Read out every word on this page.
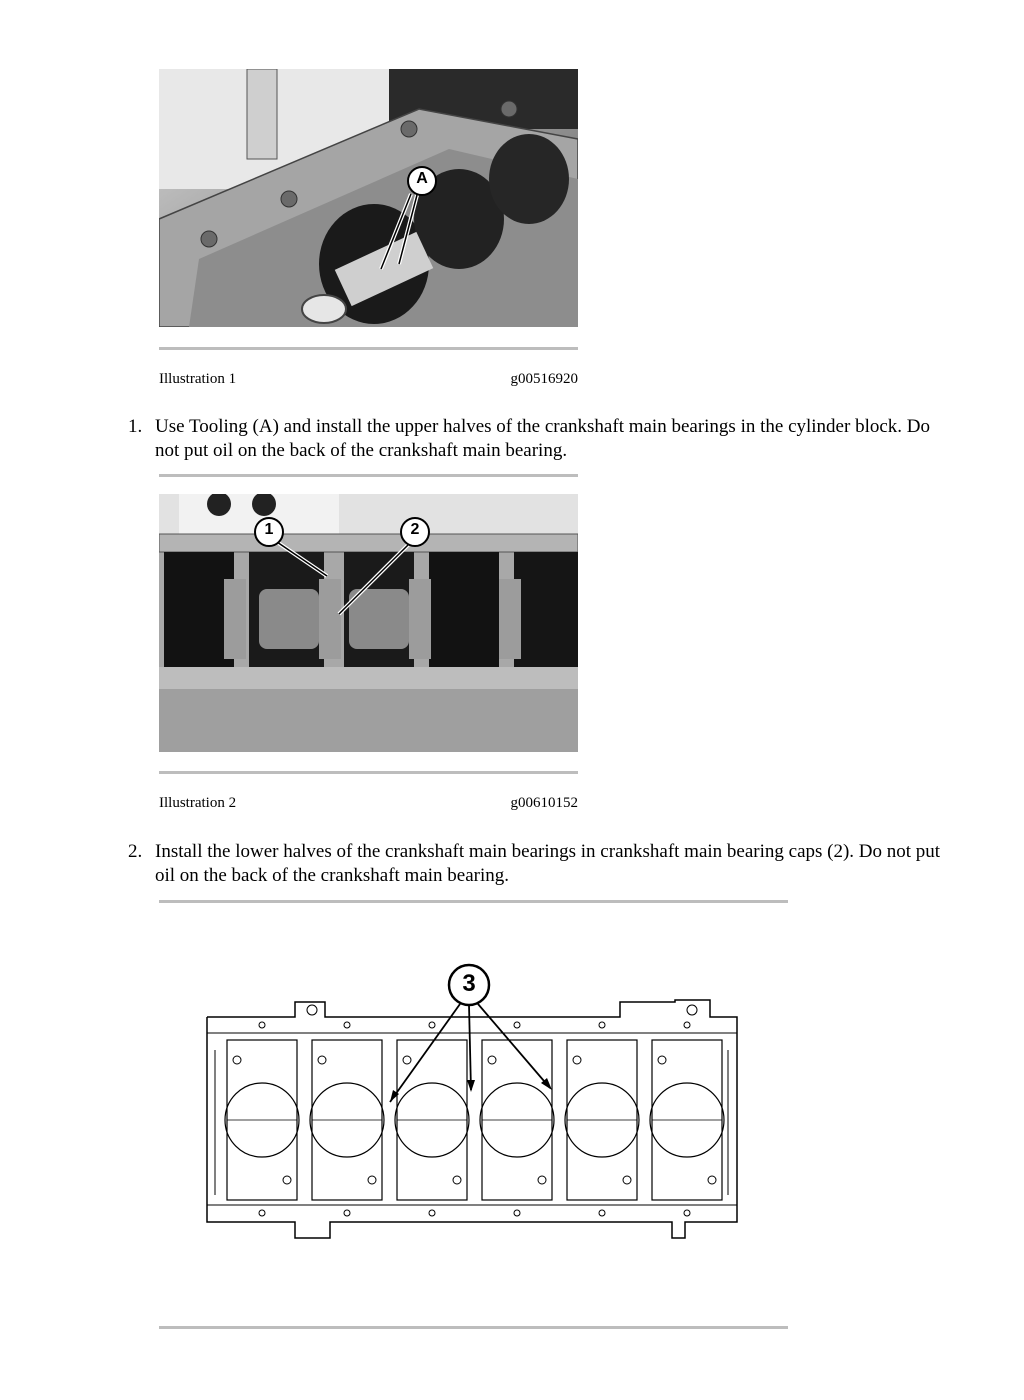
A
Illustration 1	g00516920
1. Use Tooling (A) and install the upper halves of the crankshaft main bearings in the cylinder block. Do not put oil on the back of the crankshaft main bearing.
1	2
Illustration 2	g00610152
2. Install the lower halves of the crankshaft main bearings in crankshaft main bearing caps (2). Do not put oil on the back of the crankshaft main bearing.
3
